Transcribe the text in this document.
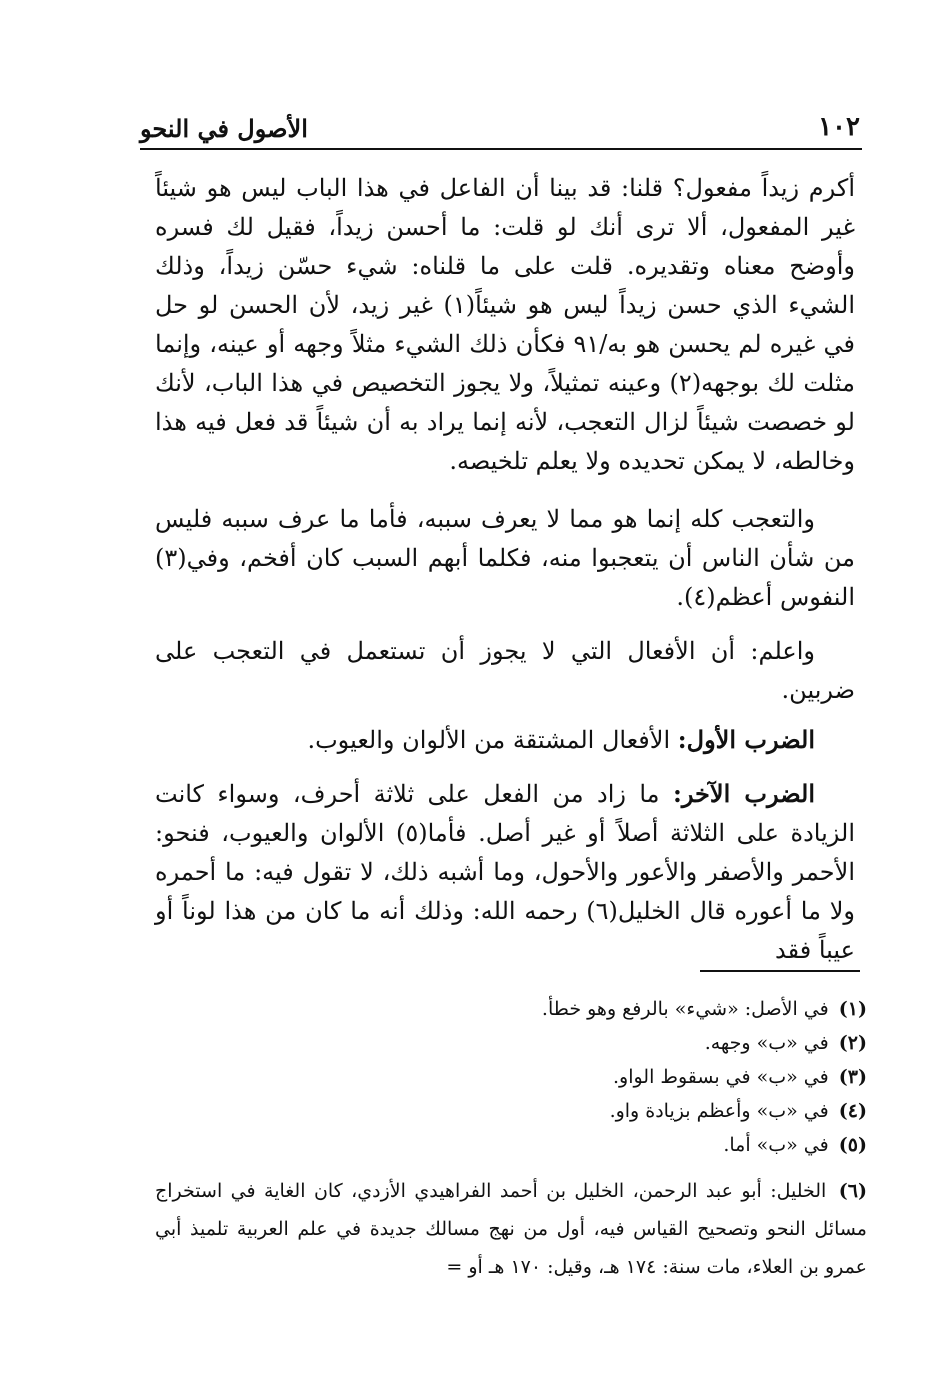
١٠٢
الأصول في النحو

أكرم زيداً مفعول؟ قلنا: قد بينا أن الفاعل في هذا الباب ليس هو شيئاً غير المفعول، ألا ترى أنك لو قلت: ما أحسن زيداً، فقيل لك فسره وأوضح معناه وتقديره. قلت على ما قلناه: شيء حسّن زيداً، وذلك الشيء الذي حسن زيداً ليس هو شيئاً(١) غير زيد، لأن الحسن لو حل في غيره لم يحسن هو به/٩١ فكأن ذلك الشيء مثلاً وجهه أو عينه، وإنما مثلت لك بوجهه(٢) وعينه تمثيلاً، ولا يجوز التخصيص في هذا الباب، لأنك لو خصصت شيئاً لزال التعجب، لأنه إنما يراد به أن شيئاً قد فعل فيه هذا وخالطه، لا يمكن تحديده ولا يعلم تلخيصه.

والتعجب كله إنما هو مما لا يعرف سببه، فأما ما عرف سببه فليس من شأن الناس أن يتعجبوا منه، فكلما أبهم السبب كان أفخم، وفي(٣) النفوس أعظم(٤).

واعلم: أن الأفعال التي لا يجوز أن تستعمل في التعجب على ضربين.

الضرب الأول: الأفعال المشتقة من الألوان والعيوب.

الضرب الآخر: ما زاد من الفعل على ثلاثة أحرف، وسواء كانت الزيادة على الثلاثة أصلاً أو غير أصل. فأما(٥) الألوان والعيوب، فنحو: الأحمر والأصفر والأعور والأحول، وما أشبه ذلك، لا تقول فيه: ما أحمره ولا ما أعوره قال الخليل(٦) رحمه الله: وذلك أنه ما كان من هذا لوناً أو عيباً فقد

(١) في الأصل: «شيء» بالرفع وهو خطأ.

(٢) في «ب» وجهه.

(٣) في «ب» في بسقوط الواو.

(٤) في «ب» وأعظم بزيادة واو.

(٥) في «ب» أما.

(٦) الخليل: أبو عبد الرحمن، الخليل بن أحمد الفراهيدي الأزدي، كان الغاية في استخراج مسائل النحو وتصحيح القياس فيه، أول من نهج مسالك جديدة في علم العربية تلميذ أبي عمرو بن العلاء، مات سنة: ١٧٤ هـ، وقيل: ١٧٠ هـ أو =
